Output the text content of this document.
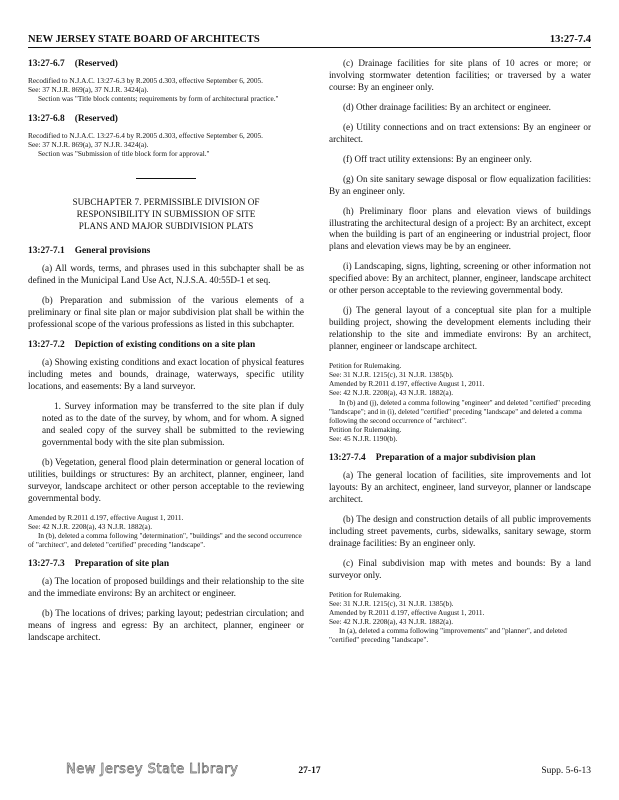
NEW JERSEY STATE BOARD OF ARCHITECTS	13:27-7.4
13:27-6.7 (Reserved)

Recodified to N.J.A.C. 13:27-6.3 by R.2005 d.303, effective September 6, 2005.

See: 37 N.J.R. 869(a), 37 N.J.R. 3424(a).

Section was "Title block contents; requirements by form of architectural practice."

13:27-6.8 (Reserved)

Recodified to N.J.A.C. 13:27-6.4 by R.2005 d.303, effective September 6, 2005.

See: 37 N.J.R. 869(a), 37 N.J.R. 3424(a).

Section was "Submission of title block form for approval."

SUBCHAPTER 7. PERMISSIBLE DIVISION OF
RESPONSIBILITY IN SUBMISSION OF SITE
PLANS AND MAJOR SUBDIVISION PLATS
13:27-7.1 General provisions

(a) All words, terms, and phrases used in this subchapter shall be as defined in the Municipal Land Use Act, N.J.S.A. 40:55D-1 et seq.

(b) Preparation and submission of the various elements of a preliminary or final site plan or major subdivision plat shall be within the professional scope of the various professions as listed in this subchapter.

13:27-7.2 Depiction of existing conditions on a site plan

(a) Showing existing conditions and exact location of physical features including metes and bounds, drainage, waterways, specific utility locations, and easements: By a land surveyor.

1. Survey information may be transferred to the site plan if duly noted as to the date of the survey, by whom, and for whom. A signed and sealed copy of the survey shall be submitted to the reviewing governmental body with the site plan submission.

(b) Vegetation, general flood plain determination or general location of utilities, buildings or structures: By an architect, planner, engineer, land surveyor, landscape architect or other person acceptable to the reviewing governmental body.

Amended by R.2011 d.197, effective August 1, 2011.

See: 42 N.J.R. 2208(a), 43 N.J.R. 1882(a).

In (b), deleted a comma following "determination", "buildings" and the second occurrence of "architect", and deleted "certified" preceding "landscape".

13:27-7.3 Preparation of site plan

(a) The location of proposed buildings and their relationship to the site and the immediate environs: By an architect or engineer.

(b) The locations of drives; parking layout; pedestrian circulation; and means of ingress and egress: By an architect, planner, engineer or landscape architect.

(c) Drainage facilities for site plans of 10 acres or more; or involving stormwater detention facilities; or traversed by a water course: By an engineer only.

(d) Other drainage facilities: By an architect or engineer.

(e) Utility connections and on tract extensions: By an engineer or architect.

(f) Off tract utility extensions: By an engineer only.

(g) On site sanitary sewage disposal or flow equalization facilities: By an engineer only.

(h) Preliminary floor plans and elevation views of buildings illustrating the architectural design of a project: By an architect, except when the building is part of an engineering or industrial project, floor plans and elevation views may be by an engineer.

(i) Landscaping, signs, lighting, screening or other information not specified above: By an architect, planner, engineer, landscape architect or other person acceptable to the reviewing governmental body.

(j) The general layout of a conceptual site plan for a multiple building project, showing the development elements including their relationship to the site and immediate environs: By an architect, planner, engineer or landscape architect.

Petition for Rulemaking.

See: 31 N.J.R. 1215(c), 31 N.J.R. 1385(b).

Amended by R.2011 d.197, effective August 1, 2011.

See: 42 N.J.R. 2208(a), 43 N.J.R. 1882(a).

In (b) and (j), deleted a comma following "engineer" and deleted "certified" preceding "landscape"; and in (i), deleted "certified" preceding "landscape" and deleted a comma following the second occurrence of "architect".

Petition for Rulemaking.

See: 45 N.J.R. 1190(b).

13:27-7.4 Preparation of a major subdivision plan

(a) The general location of facilities, site improvements and lot layouts: By an architect, engineer, land surveyor, planner or landscape architect.

(b) The design and construction details of all public improvements including street pavements, curbs, sidewalks, sanitary sewage, storm drainage facilities: By an engineer only.

(c) Final subdivision map with metes and bounds: By a land surveyor only.

Petition for Rulemaking.

See: 31 N.J.R. 1215(c), 31 N.J.R. 1385(b).

Amended by R.2011 d.197, effective August 1, 2011.

See: 42 N.J.R. 2208(a), 43 N.J.R. 1882(a).

In (a), deleted a comma following "improvements" and "planner", and deleted "certified" preceding "landscape".

New Jersey State Library	27-17	Supp. 5-6-13
